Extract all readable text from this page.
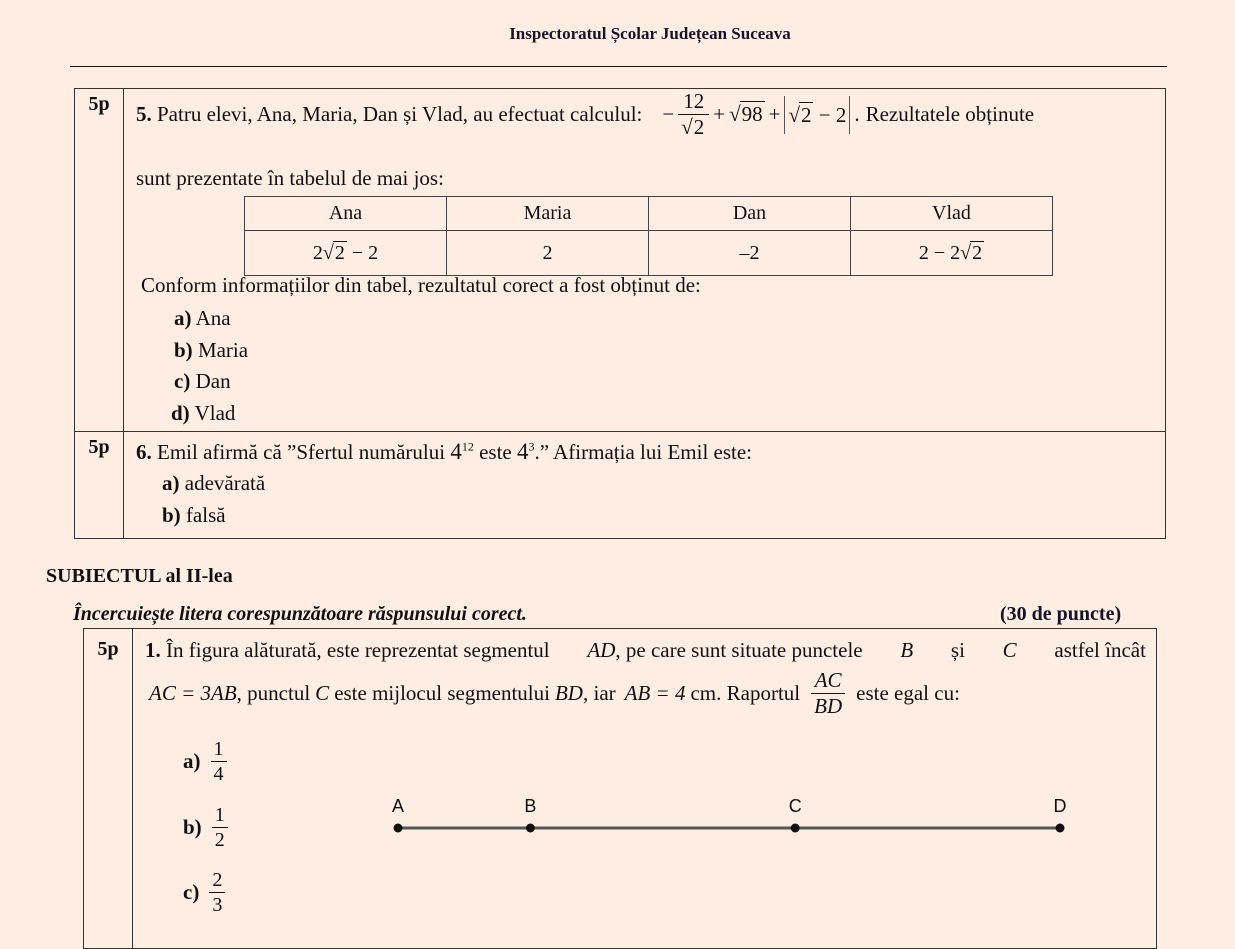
Inspectoratul Școlar Județean Suceava
5p	

5p	

5. Patru elevi, Ana, Maria, Dan și Vlad, au efectuat calculul: − $\frac{12}{√2} + √98 + √2 - 2$ . Rezultatele obținute
sunt prezentate în tabelul de mai jos:
Ana	Maria	Dan	Vlad
2√2 − 2	2	–2	2 − 2√2
Conform informațiilor din tabel, rezultatul corect a fost obținut de:
a) Ana
b) Maria
c) Dan
d) Vlad
6. Emil afirmă că ”Sfertul numărului $4^{12}$ este $4^3$.” Afirmația lui Emil este:
a) adevărată
b) falsă
SUBIECTUL al II-lea
Încercuiește litera corespunzătoare răspunsului corect.	(30 de puncte)
5p
		1. În figura alăturată, este reprezentat segmentul AD, pe care sunt situate punctele B și C astfel încât
AC = 3AB, punctul C este mijlocul segmentului BD, iar AB = 4 cm. Raportul $\frac{AC}{BD}$ este egal cu:
$a) \frac{1}{4}$
$b) \frac{1}{2}$
$c) \frac{2}{3}$
A	B	C	D
